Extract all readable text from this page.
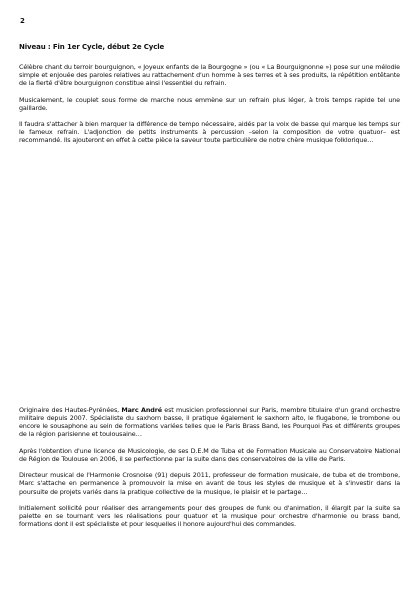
2
Niveau : Fin 1er Cycle, début 2e Cycle

Célèbre chant du terroir bourguignon, « Joyeux enfants de la Bourgogne » (ou « La Bourguignonne ») pose sur une mélodie simple et enjouée des paroles relatives au rattachement d'un homme à ses terres et à ses produits, la répétition entêtante de la fierté d'être bourguignon constitue ainsi l'essentiel du refrain.

Musicalement, le couplet sous forme de marche nous emmène sur un refrain plus léger, à trois temps rapide tel une gaillarde.

Il faudra s'attacher à bien marquer la différence de tempo nécessaire, aidés par la voix de basse qui marque les temps sur le fameux refrain. L'adjonction de petits instruments à percussion –selon la composition de votre quatuor– est recommandé. Ils ajouteront en effet à cette pièce la saveur toute particulière de notre chère musique folklorique…

Originaire des Hautes-Pyrénées, Marc André est musicien professionnel sur Paris, membre titulaire d'un grand orchestre militaire depuis 2007. Spécialiste du saxhorn basse, il pratique également le saxhorn alto, le flugabone, le trombone ou encore le sousaphone au sein de formations variées telles que le Paris Brass Band, les Pourquoi Pas et différents groupes de la région parisienne et toulousaine…

Après l'obtention d'une licence de Musicologie, de ses D.E.M de Tuba et de Formation Musicale au Conservatoire National de Région de Toulouse en 2006, il se perfectionne par la suite dans des conservatoires de la ville de Paris.

Directeur musical de l'Harmonie Crosnoise (91) depuis 2011, professeur de formation musicale, de tuba et de trombone, Marc s'attache en permanence à promouvoir la mise en avant de tous les styles de musique et à s'investir dans la poursuite de projets variés dans la pratique collective de la musique, le plaisir et le partage…

Initialement sollicité pour réaliser des arrangements pour des groupes de funk ou d'animation, il élargit par la suite sa palette en se tournant vers les réalisations pour quatuor et la musique pour orchestre d'harmonie ou brass band, formations dont il est spécialiste et pour lesquelles il honore aujourd'hui des commandes.
